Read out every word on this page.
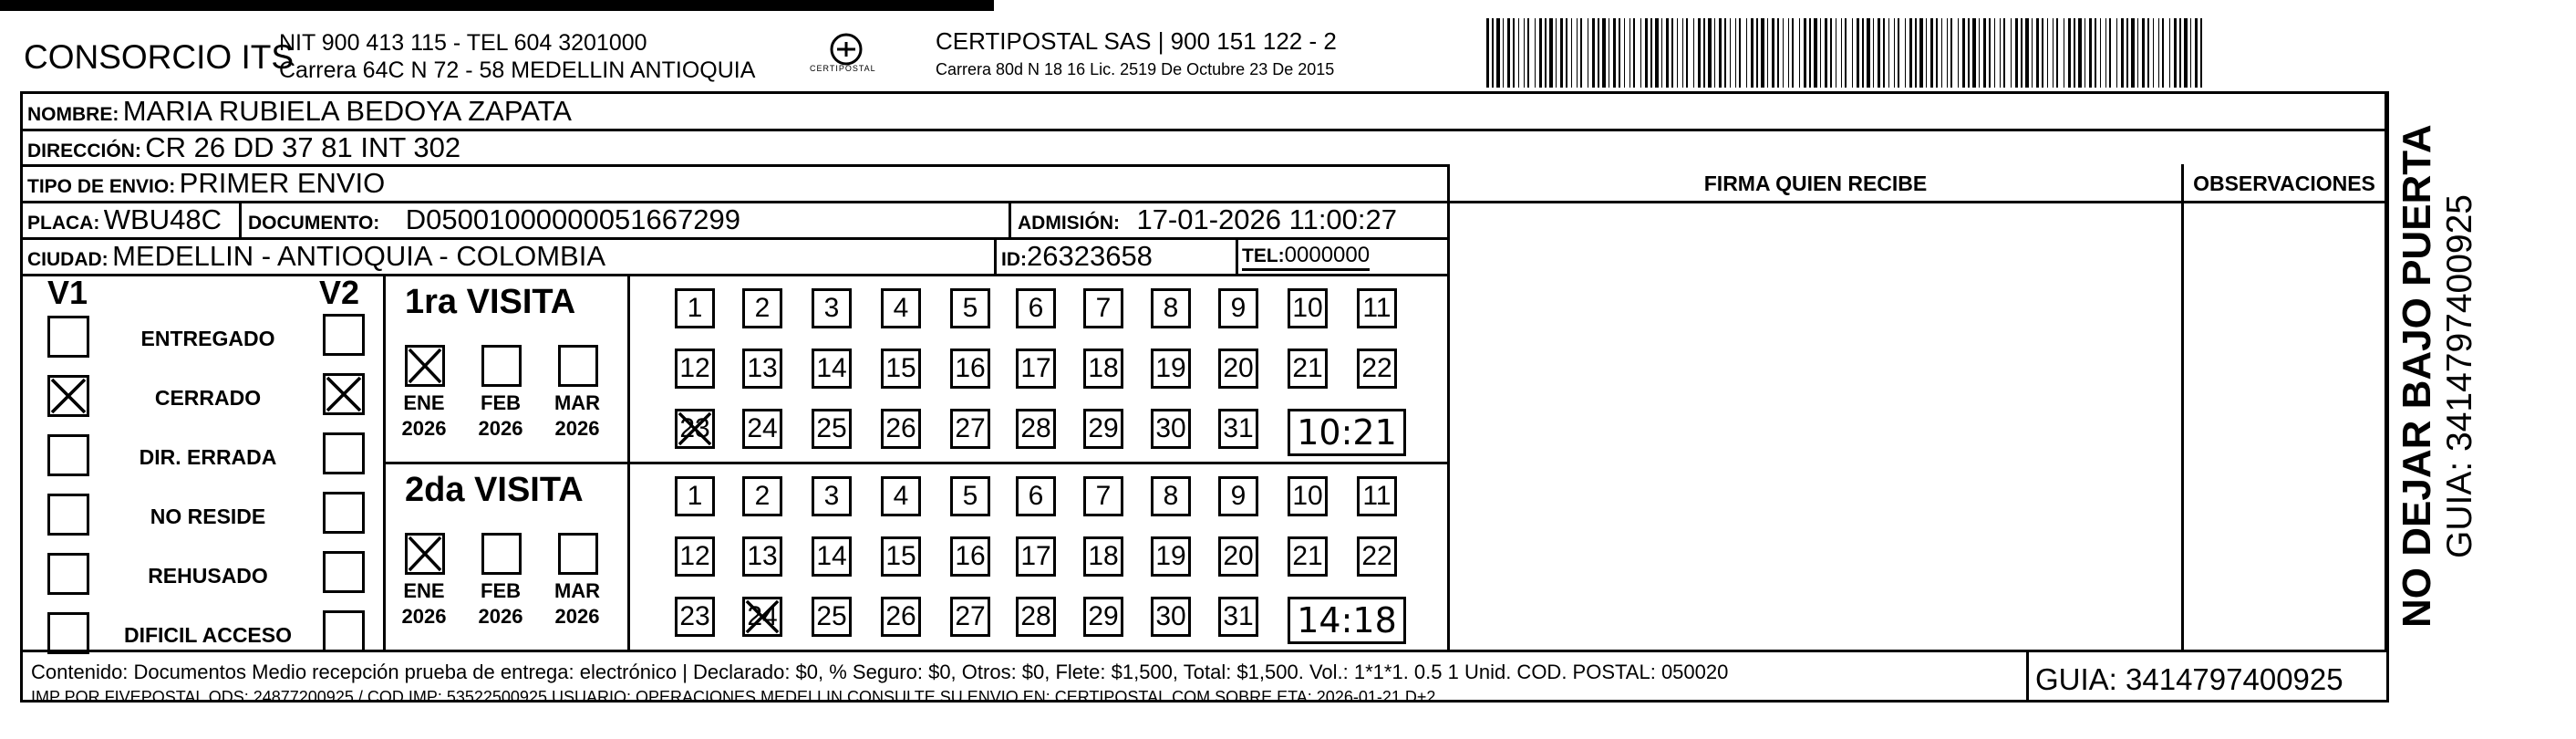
CONSORCIO ITS
NIT 900 413 115 - TEL 604 3201000
Carrera 64C N 72 - 58 MEDELLIN ANTIOQUIA	CERTIPOSTAL
CERTIPOSTAL SAS | 900 151 122 - 2
Carrera 80d N 18 16 Lic. 2519 De Octubre 23 De 2015
NOMBRE: MARIA RUBIELA BEDOYA ZAPATA
DIRECCIÓN: CR 26 DD 37 81 INT 302
TIPO DE ENVIO: PRIMER ENVIO
PLACA: WBU48C DOCUMENTO: D05001000000051667299	ADMISIÓN: 17-01-2026 11:00:27
CIUDAD: MEDELLIN - ANTIOQUIA - COLOMBIA	ID:26323658	TEL:0000000
FIRMA QUIEN RECIBE	OBSERVACIONES
V1	V2
ENTREGADO
CERRADO
DIR. ERRADA
NO RESIDE
REHUSADO
DIFICIL ACCESO
1ra VISITA
ENE
2026
FEB
2026
MAR
2026
1	2	3	4	5	6	7	8	9	10 11
12 13 14 15 16 17 18 19 20 21 22
23 24 25 26 27 28 29 30 31 10:21
2da VISITA
ENE
2026
FEB
2026
MAR
2026
1	2	3	4	5	6	7	8	9	10 11
12 13 14 15 16 17 18 19 20 21 22
23 24 25 26 27 28 29 30 31 14:18
Contenido: Documentos Medio recepción prueba de entrega: electrónico | Declarado: $0, % Seguro: $0, Otros: $0, Flete: $1,500, Total: $1,500. Vol.: 1*1*1. 0.5 1 Unid. COD. POSTAL: 050020
IMP POR FIVEPOSTAL ODS: 24877200925 / COD.IMP: 53522500925 USUARIO: OPERACIONES MEDELLIN CONSULTE SU ENVIO EN: CERTIPOSTAL.COM SOBRE ETA: 2026-01-21 D+2
GUIA: 3414797400925
NO DEJAR BAJO PUERTA GUIA: 3414797400925
